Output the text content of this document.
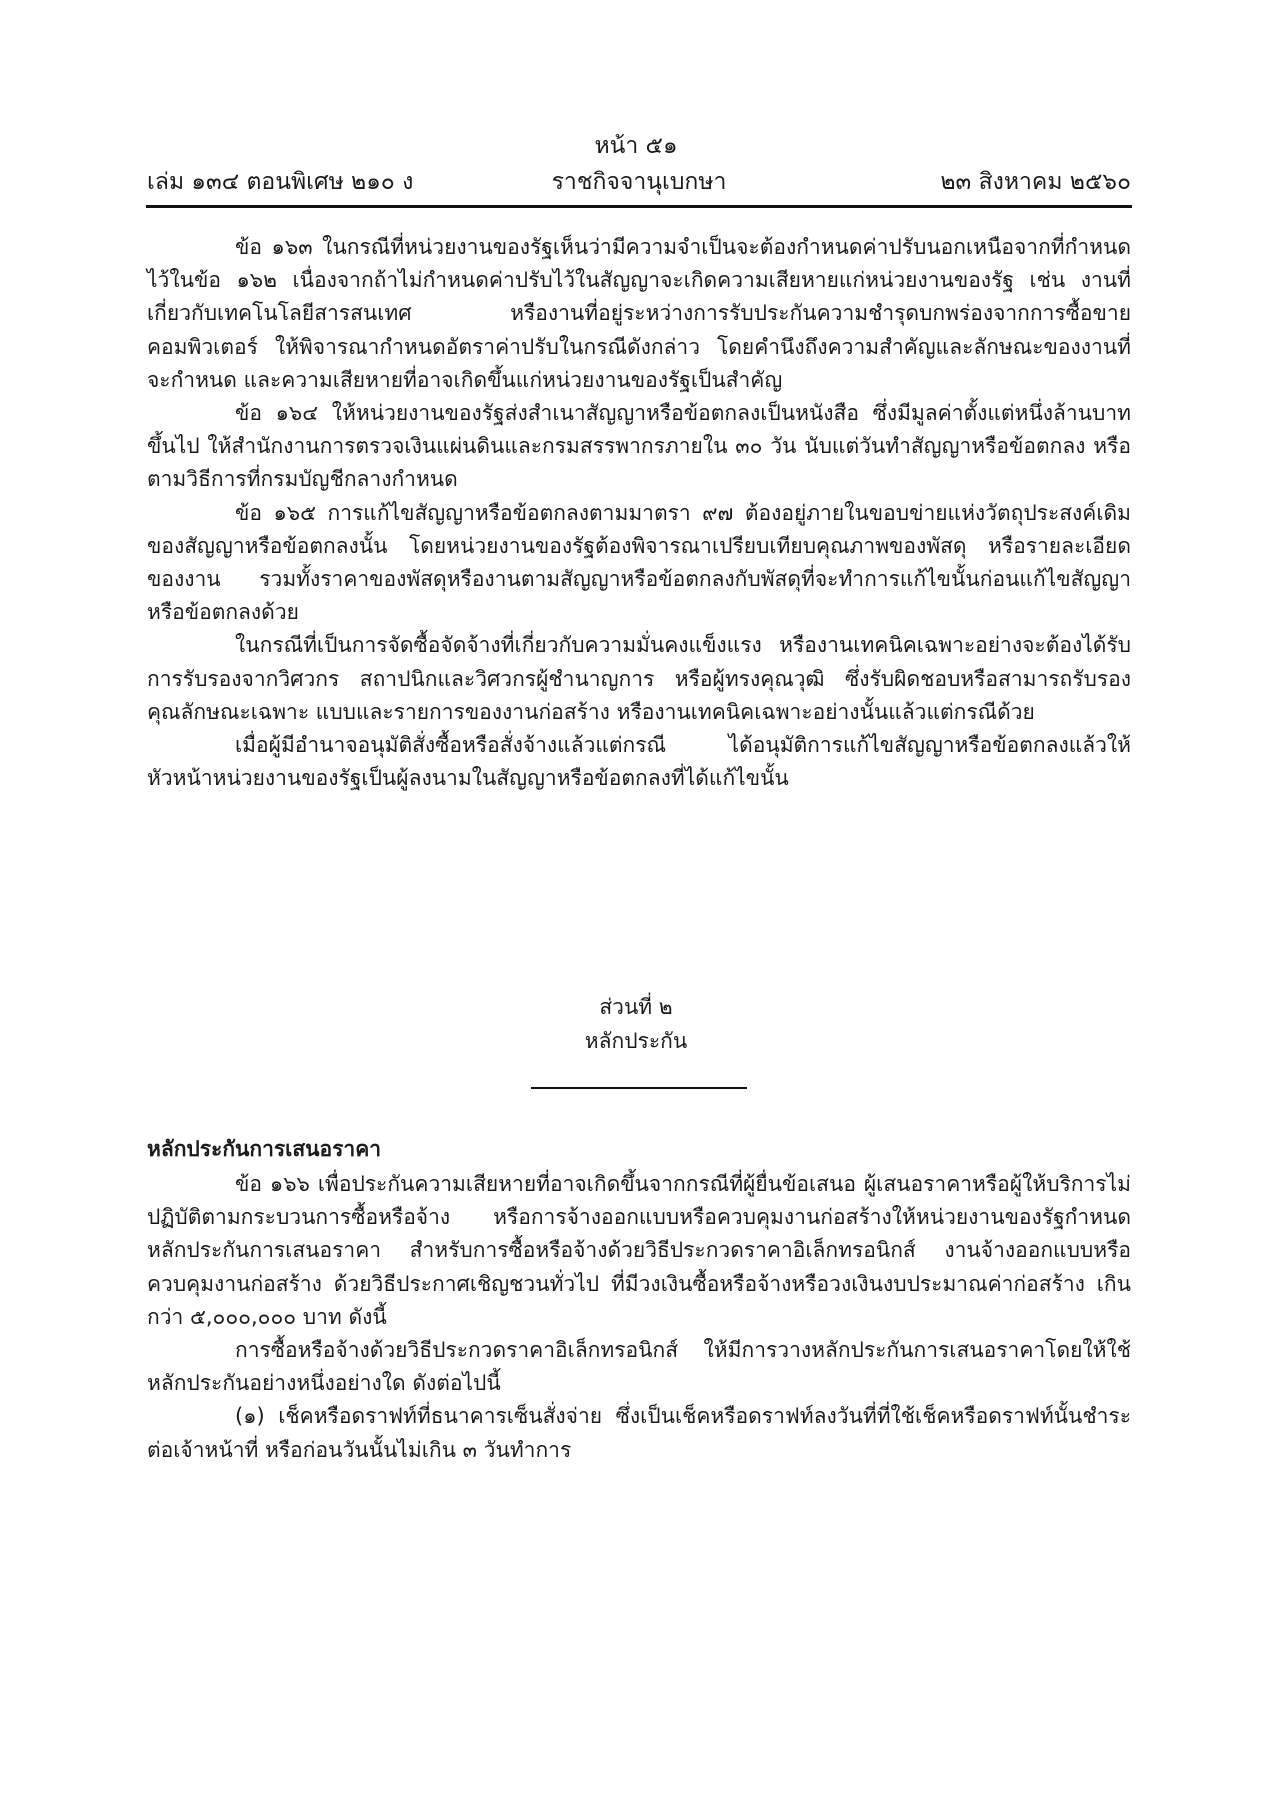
หน้า ๕๑
เล่ม ๑๓๔ ตอนพิเศษ ๒๑๐ ง	ราชกิจจานุเบกษา	๒๓ สิงหาคม ๒๕๖๐

ข้อ ๑๖๓ ในกรณีที่หน่วยงานของรัฐเห็นว่ามีความจำเป็นจะต้องกำหนดค่าปรับนอกเหนือจากที่กำหนดไว้ในข้อ ๑๖๒ เนื่องจากถ้าไม่กำหนดค่าปรับไว้ในสัญญาจะเกิดความเสียหายแก่หน่วยงานของรัฐ เช่น งานที่เกี่ยวกับเทคโนโลยีสารสนเทศ หรืองานที่อยู่ระหว่างการรับประกันความชำรุดบกพร่องจากการซื้อขายคอมพิวเตอร์ ให้พิจารณากำหนดอัตราค่าปรับในกรณีดังกล่าว โดยคำนึงถึงความสำคัญและลักษณะของงานที่จะกำหนด และความเสียหายที่อาจเกิดขึ้นแก่หน่วยงานของรัฐเป็นสำคัญ

ข้อ ๑๖๔ ให้หน่วยงานของรัฐส่งสำเนาสัญญาหรือข้อตกลงเป็นหนังสือ ซึ่งมีมูลค่าตั้งแต่หนึ่งล้านบาทขึ้นไป ให้สำนักงานการตรวจเงินแผ่นดินและกรมสรรพากรภายใน ๓๐ วัน นับแต่วันทำสัญญาหรือข้อตกลง หรือตามวิธีการที่กรมบัญชีกลางกำหนด

ข้อ ๑๖๕ การแก้ไขสัญญาหรือข้อตกลงตามมาตรา ๙๗ ต้องอยู่ภายในขอบข่ายแห่งวัตถุประสงค์เดิมของสัญญาหรือข้อตกลงนั้น โดยหน่วยงานของรัฐต้องพิจารณาเปรียบเทียบคุณภาพของพัสดุ หรือรายละเอียดของงาน รวมทั้งราคาของพัสดุหรืองานตามสัญญาหรือข้อตกลงกับพัสดุที่จะทำการแก้ไขนั้นก่อนแก้ไขสัญญาหรือข้อตกลงด้วย

ในกรณีที่เป็นการจัดซื้อจัดจ้างที่เกี่ยวกับความมั่นคงแข็งแรง หรืองานเทคนิคเฉพาะอย่างจะต้องได้รับการรับรองจากวิศวกร สถาปนิกและวิศวกรผู้ชำนาญการ หรือผู้ทรงคุณวุฒิ ซึ่งรับผิดชอบหรือสามารถรับรอง คุณลักษณะเฉพาะ แบบและรายการของงานก่อสร้าง หรืองานเทคนิคเฉพาะอย่างนั้นแล้วแต่กรณีด้วย

เมื่อผู้มีอำนาจอนุมัติสั่งซื้อหรือสั่งจ้างแล้วแต่กรณี ได้อนุมัติการแก้ไขสัญญาหรือข้อตกลงแล้วให้หัวหน้าหน่วยงานของรัฐเป็นผู้ลงนามในสัญญาหรือข้อตกลงที่ได้แก้ไขนั้น

ส่วนที่ ๒
หลักประกัน
หลักประกันการเสนอราคา

ข้อ ๑๖๖ เพื่อประกันความเสียหายที่อาจเกิดขึ้นจากกรณีที่ผู้ยื่นข้อเสนอ ผู้เสนอราคาหรือผู้ให้บริการไม่ปฏิบัติตามกระบวนการซื้อหรือจ้าง หรือการจ้างออกแบบหรือควบคุมงานก่อสร้างให้หน่วยงานของรัฐกำหนดหลักประกันการเสนอราคา สำหรับการซื้อหรือจ้างด้วยวิธีประกวดราคาอิเล็กทรอนิกส์ งานจ้างออกแบบหรือควบคุมงานก่อสร้าง ด้วยวิธีประกาศเชิญชวนทั่วไป ที่มีวงเงินซื้อหรือจ้างหรือวงเงินงบประมาณค่าก่อสร้าง เกินกว่า ๕,๐๐๐,๐๐๐ บาท ดังนี้

การซื้อหรือจ้างด้วยวิธีประกวดราคาอิเล็กทรอนิกส์ ให้มีการวางหลักประกันการเสนอราคาโดยให้ใช้หลักประกันอย่างหนึ่งอย่างใด ดังต่อไปนี้

(๑) เช็คหรือดราฟท์ที่ธนาคารเซ็นสั่งจ่าย ซึ่งเป็นเช็คหรือดราฟท์ลงวันที่ที่ใช้เช็คหรือดราฟท์นั้นชำระต่อเจ้าหน้าที่ หรือก่อนวันนั้นไม่เกิน ๓ วันทำการ
